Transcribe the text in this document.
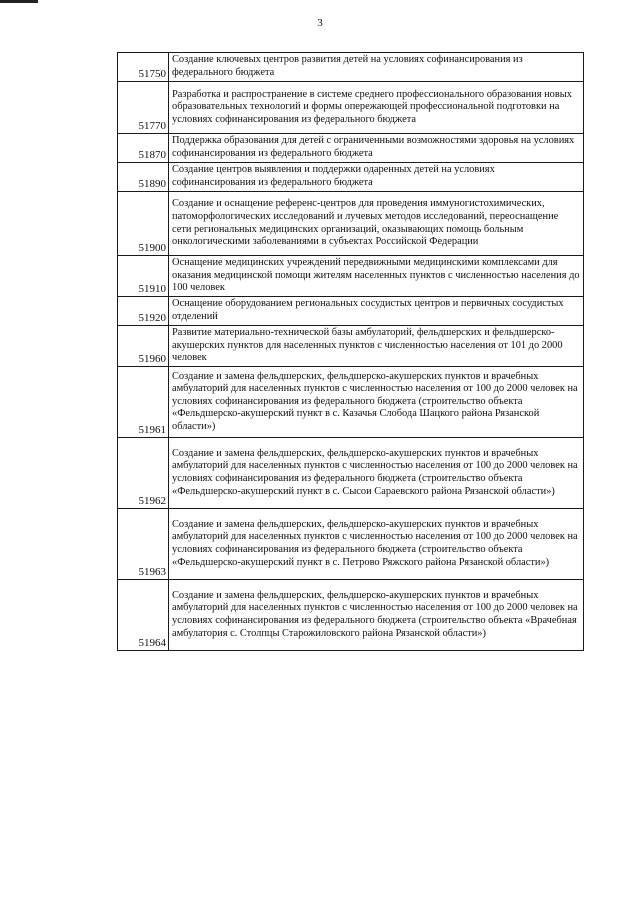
3
51750	Создание ключевых центров развития детей на условиях софинансирования из федерального бюджета
51770	Разработка и распространение в системе среднего профессионального образования новых образовательных технологий и формы опережающей профессиональной подготовки на условиях софинансирования из федерального бюджета
51870	Поддержка образования для детей с ограниченными возможностями здоровья на условиях софинансирования из федерального бюджета
51890	Создание центров выявления и поддержки одаренных детей на условиях софинансирования из федерального бюджета
51900	Создание и оснащение референс-центров для проведения иммуногистохимических, патоморфологических исследований и лучевых методов исследований, переоснащение сети региональных медицинских организаций, оказывающих помощь больным онкологическими заболеваниями в субъектах Российской Федерации
51910	Оснащение медицинских учреждений передвижными медицинскими комплексами для оказания медицинской помощи жителям населенных пунктов с численностью населения до 100 человек
51920	Оснащение оборудованием региональных сосудистых центров и первичных сосудистых отделений
51960	Развитие материально-технической базы амбулаторий, фельдшерских и фельдшерско-акушерских пунктов для населенных пунктов с численностью населения от 101 до 2000 человек
51961	Создание и замена фельдшерских, фельдшерско-акушерских пунктов и врачебных амбулаторий для населенных пунктов с численностью населения от 100 до 2000 человек на условиях софинансирования из федерального бюджета (строительство объекта «Фельдшерско-акушерский пункт в с. Казачья Слобода Шацкого района Рязанской области»)
51962	Создание и замена фельдшерских, фельдшерско-акушерских пунктов и врачебных амбулаторий для населенных пунктов с численностью населения от 100 до 2000 человек на условиях софинансирования из федерального бюджета (строительство объекта «Фельдшерско-акушерский пункт в с. Сысои Сараевского района Рязанской области»)
51963	Создание и замена фельдшерских, фельдшерско-акушерских пунктов и врачебных амбулаторий для населенных пунктов с численностью населения от 100 до 2000 человек на условиях софинансирования из федерального бюджета (строительство объекта «Фельдшерско-акушерский пункт в с. Петрово Ряжского района Рязанской области»)
51964	Создание и замена фельдшерских, фельдшерско-акушерских пунктов и врачебных амбулаторий для населенных пунктов с численностью населения от 100 до 2000 человек на условиях софинансирования из федерального бюджета (строительство объекта «Врачебная амбулатория с. Столпцы Старожиловского района Рязанской области»)
